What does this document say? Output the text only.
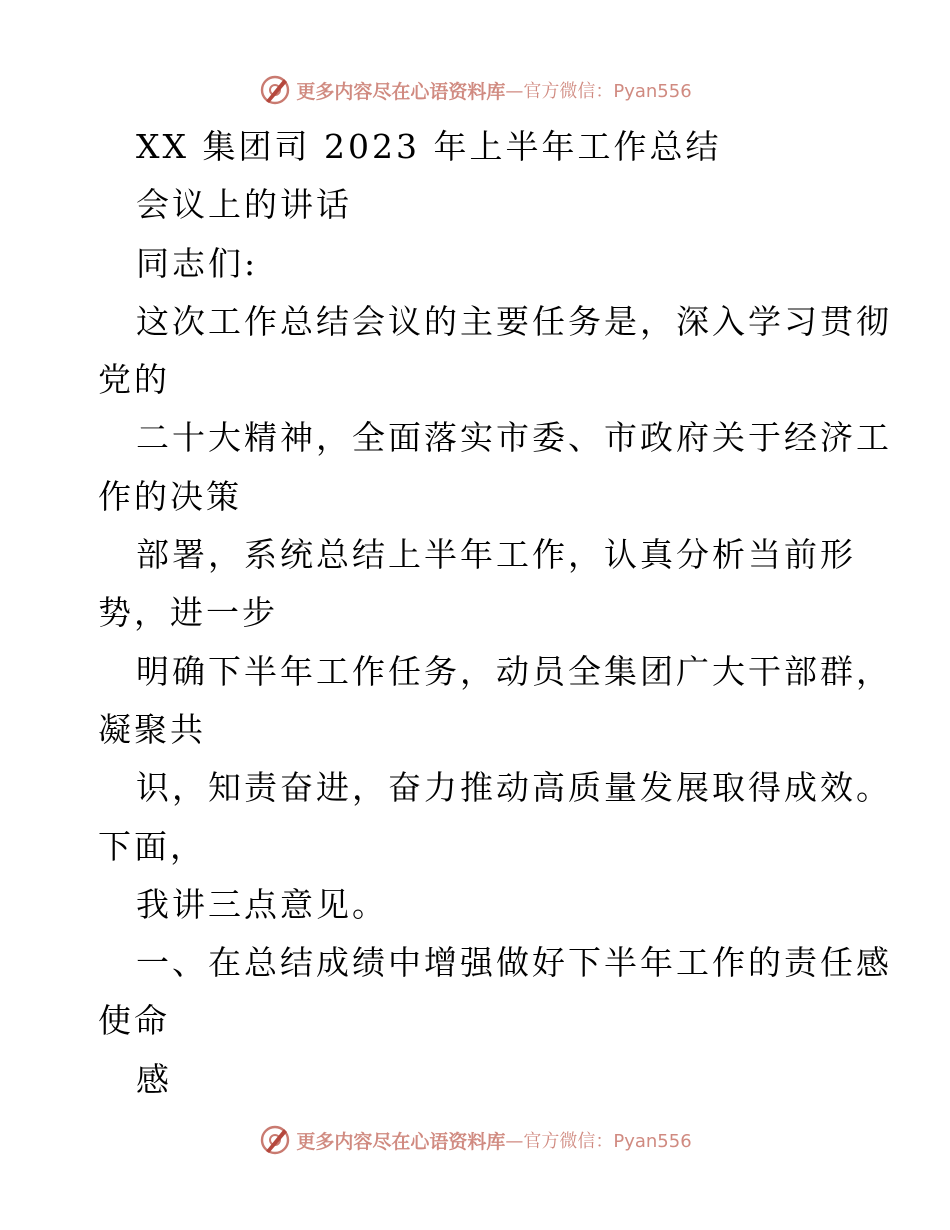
更多内容尽在心语资料库 —官方微信：Pyan556
XX 集团司 2023 年上半年工作总结
会议上的讲话
同志们:
这次工作总结会议的主要任务是，深入学习贯彻
党的
二十大精神，全面落实市委、市政府关于经济工
作的决策
部署，系统总结上半年工作，认真分析当前形
势，进一步
明确下半年工作任务，动员全集团广大干部群，
凝聚共
识，知责奋进，奋力推动高质量发展取得成效。
下面，
我讲三点意见。
一、在总结成绩中增强做好下半年工作的责任感
使命
感
更多内容尽在心语资料库 —官方微信：Pyan556
